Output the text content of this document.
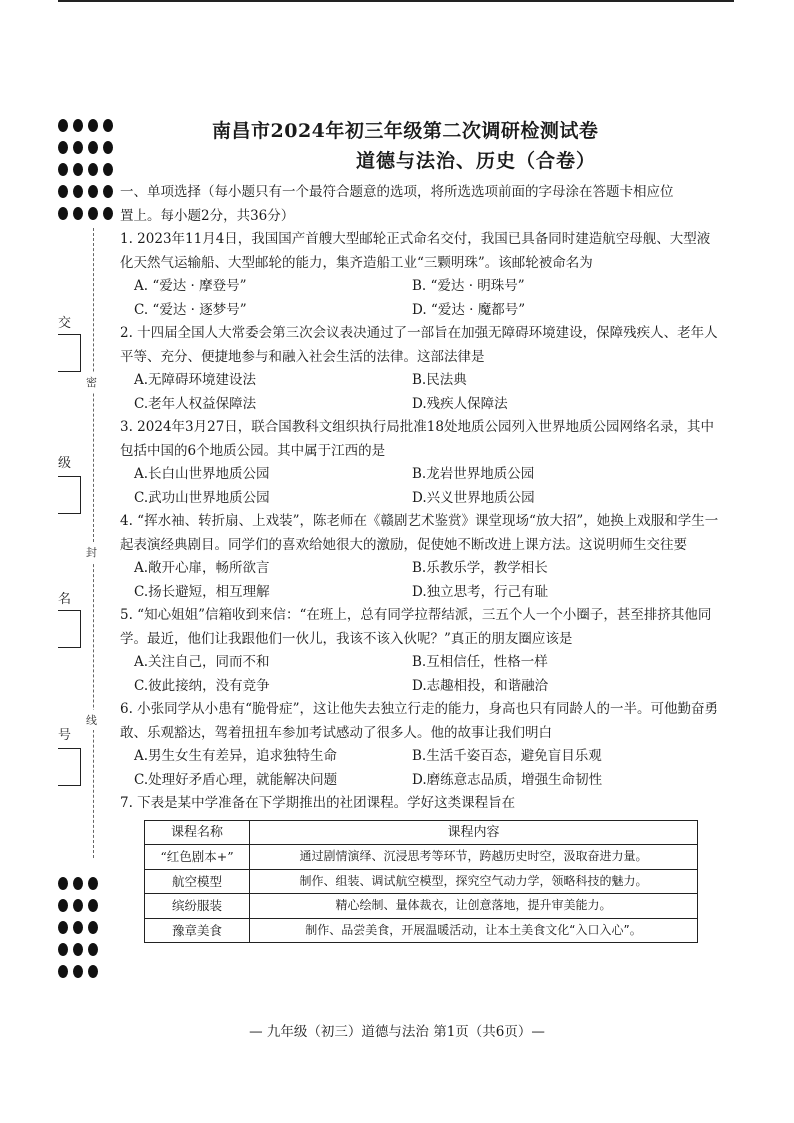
密
封
线
交
级
名
号
南昌市2024年初三年级第二次调研检测试卷
道德与法治、历史（合卷）

一、单项选择（每小题只有一个最符合题意的选项，将所选选项前面的字母涂在答题卡相应位
置上。每小题2分，共36分）

1. 2023年11月4日，我国国产首艘大型邮轮正式命名交付，我国已具备同时建造航空母舰、大型液化天然气运输船、大型邮轮的能力，集齐造船工业“三颗明珠”。该邮轮被命名为
A. “爱达 · 摩登号”	B. “爱达 · 明珠号”
C. “爱达 · 逐梦号”	D. “爱达 · 魔都号”
2. 十四届全国人大常委会第三次会议表决通过了一部旨在加强无障碍环境建设，保障残疾人、老年人平等、充分、便捷地参与和融入社会生活的法律。这部法律是
A.无障碍环境建设法	B.民法典
C.老年人权益保障法	D.残疾人保障法
3. 2024年3月27日，联合国教科文组织执行局批准18处地质公园列入世界地质公园网络名录，其中包括中国的6个地质公园。其中属于江西的是
A.长白山世界地质公园	B.龙岩世界地质公园
C.武功山世界地质公园	D.兴义世界地质公园
4. “挥水袖、转折扇、上戏装”，陈老师在《赣剧艺术鉴赏》课堂现场“放大招”，她换上戏服和学生一起表演经典剧目。同学们的喜欢给她很大的激励，促使她不断改进上课方法。这说明师生交往要
A.敞开心扉，畅所欲言	B.乐教乐学，教学相长
C.扬长避短，相互理解	D.独立思考，行己有耻
5. “知心姐姐”信箱收到来信：“在班上，总有同学拉帮结派，三五个人一个小圈子，甚至排挤其他同学。最近，他们让我跟他们一伙儿，我该不该入伙呢？”真正的朋友圈应该是
A.关注自己，同而不和	B.互相信任，性格一样
C.彼此接纳，没有竞争	D.志趣相投，和谐融洽
6. 小张同学从小患有“脆骨症”，这让他失去独立行走的能力，身高也只有同龄人的一半。可他勤奋勇敢、乐观豁达，驾着扭扭车参加考试感动了很多人。他的故事让我们明白
A.男生女生有差异，追求独特生命	B.生活千姿百态，避免盲目乐观
C.处理好矛盾心理，就能解决问题	D.磨练意志品质，增强生命韧性
7. 下表是某中学准备在下学期推出的社团课程。学好这类课程旨在
课程名称	课程内容
“红色剧本+”	通过剧情演绎、沉浸思考等环节，跨越历史时空，汲取奋进力量。
航空模型	制作、组装、调试航空模型，探究空气动力学，领略科技的魅力。
缤纷服装	精心绘制、量体裁衣，让创意落地，提升审美能力。
豫章美食	制作、品尝美食，开展温暖活动，让本土美食文化“入口入心”。
— 九年级（初三）道德与法治 第1页（共6页）—
